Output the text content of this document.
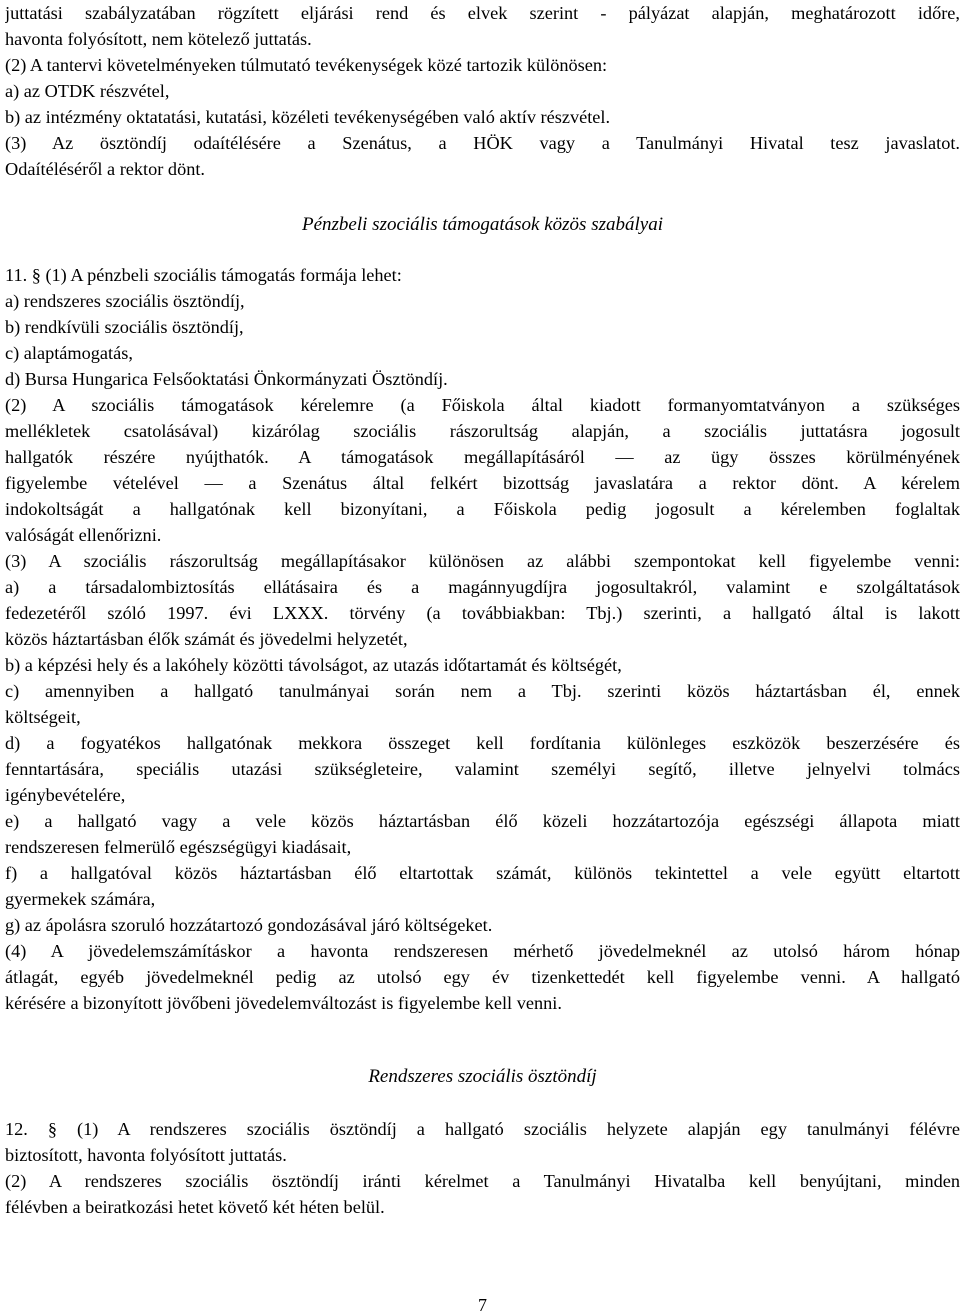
juttatási szabályzatában rögzített eljárási rend és elvek szerint - pályázat alapján, meghatározott időre,

havonta folyósított, nem kötelező juttatás.

(2) A tantervi követelményeken túlmutató tevékenységek közé tartozik különösen:

a) az OTDK részvétel,

b) az intézmény oktatatási, kutatási, közéleti tevékenységében való aktív részvétel.

(3) Az ösztöndíj odaítélésére a Szenátus, a HÖK vagy a Tanulmányi Hivatal tesz javaslatot.

Odaítéléséről a rektor dönt.

Pénzbeli szociális támogatások közös szabályai

11. § (1) A pénzbeli szociális támogatás formája lehet:

a) rendszeres szociális ösztöndíj,

b) rendkívüli szociális ösztöndíj,

c) alaptámogatás,

d) Bursa Hungarica Felsőoktatási Önkormányzati Ösztöndíj.

(2) A szociális támogatások kérelemre (a Főiskola által kiadott formanyomtatványon a szükséges

mellékletek csatolásával) kizárólag szociális rászorultság alapján, a szociális juttatásra jogosult

hallgatók részére nyújthatók. A támogatások megállapításáról — az ügy összes körülményének

figyelembe vételével — a Szenátus által felkért bizottság javaslatára a rektor dönt. A kérelem

indokoltságát a hallgatónak kell bizonyítani, a Főiskola pedig jogosult a kérelemben foglaltak

valóságát ellenőrizni.

(3) A szociális rászorultság megállapításakor különösen az alábbi szempontokat kell figyelembe venni:

a) a társadalombiztosítás ellátásaira és a magánnyugdíjra jogosultakról, valamint e szolgáltatások

fedezetéről szóló 1997. évi LXXX. törvény (a továbbiakban: Tbj.) szerinti, a hallgató által is lakott

közös háztartásban élők számát és jövedelmi helyzetét,

b) a képzési hely és a lakóhely közötti távolságot, az utazás időtartamát és költségét,

c) amennyiben a hallgató tanulmányai során nem a Tbj. szerinti közös háztartásban él, ennek

költségeit,

d) a fogyatékos hallgatónak mekkora összeget kell fordítania különleges eszközök beszerzésére és

fenntartására, speciális utazási szükségleteire, valamint személyi segítő, illetve jelnyelvi tolmács

igénybevételére,

e) a hallgató vagy a vele közös háztartásban élő közeli hozzátartozója egészségi állapota miatt

rendszeresen felmerülő egészségügyi kiadásait,

f) a hallgatóval közös háztartásban élő eltartottak számát, különös tekintettel a vele együtt eltartott

gyermekek számára,

g) az ápolásra szoruló hozzátartozó gondozásával járó költségeket.

(4) A jövedelemszámításkor a havonta rendszeresen mérhető jövedelmeknél az utolsó három hónap

átlagát, egyéb jövedelmeknél pedig az utolsó egy év tizenkettedét kell figyelembe venni. A hallgató

kérésére a bizonyított jövőbeni jövedelemváltozást is figyelembe kell venni.

Rendszeres szociális ösztöndíj

12. § (1) A rendszeres szociális ösztöndíj a hallgató szociális helyzete alapján egy tanulmányi félévre

biztosított, havonta folyósított juttatás.

(2) A rendszeres szociális ösztöndíj iránti kérelmet a Tanulmányi Hivatalba kell benyújtani, minden

félévben a beiratkozási hetet követő két héten belül.

7
